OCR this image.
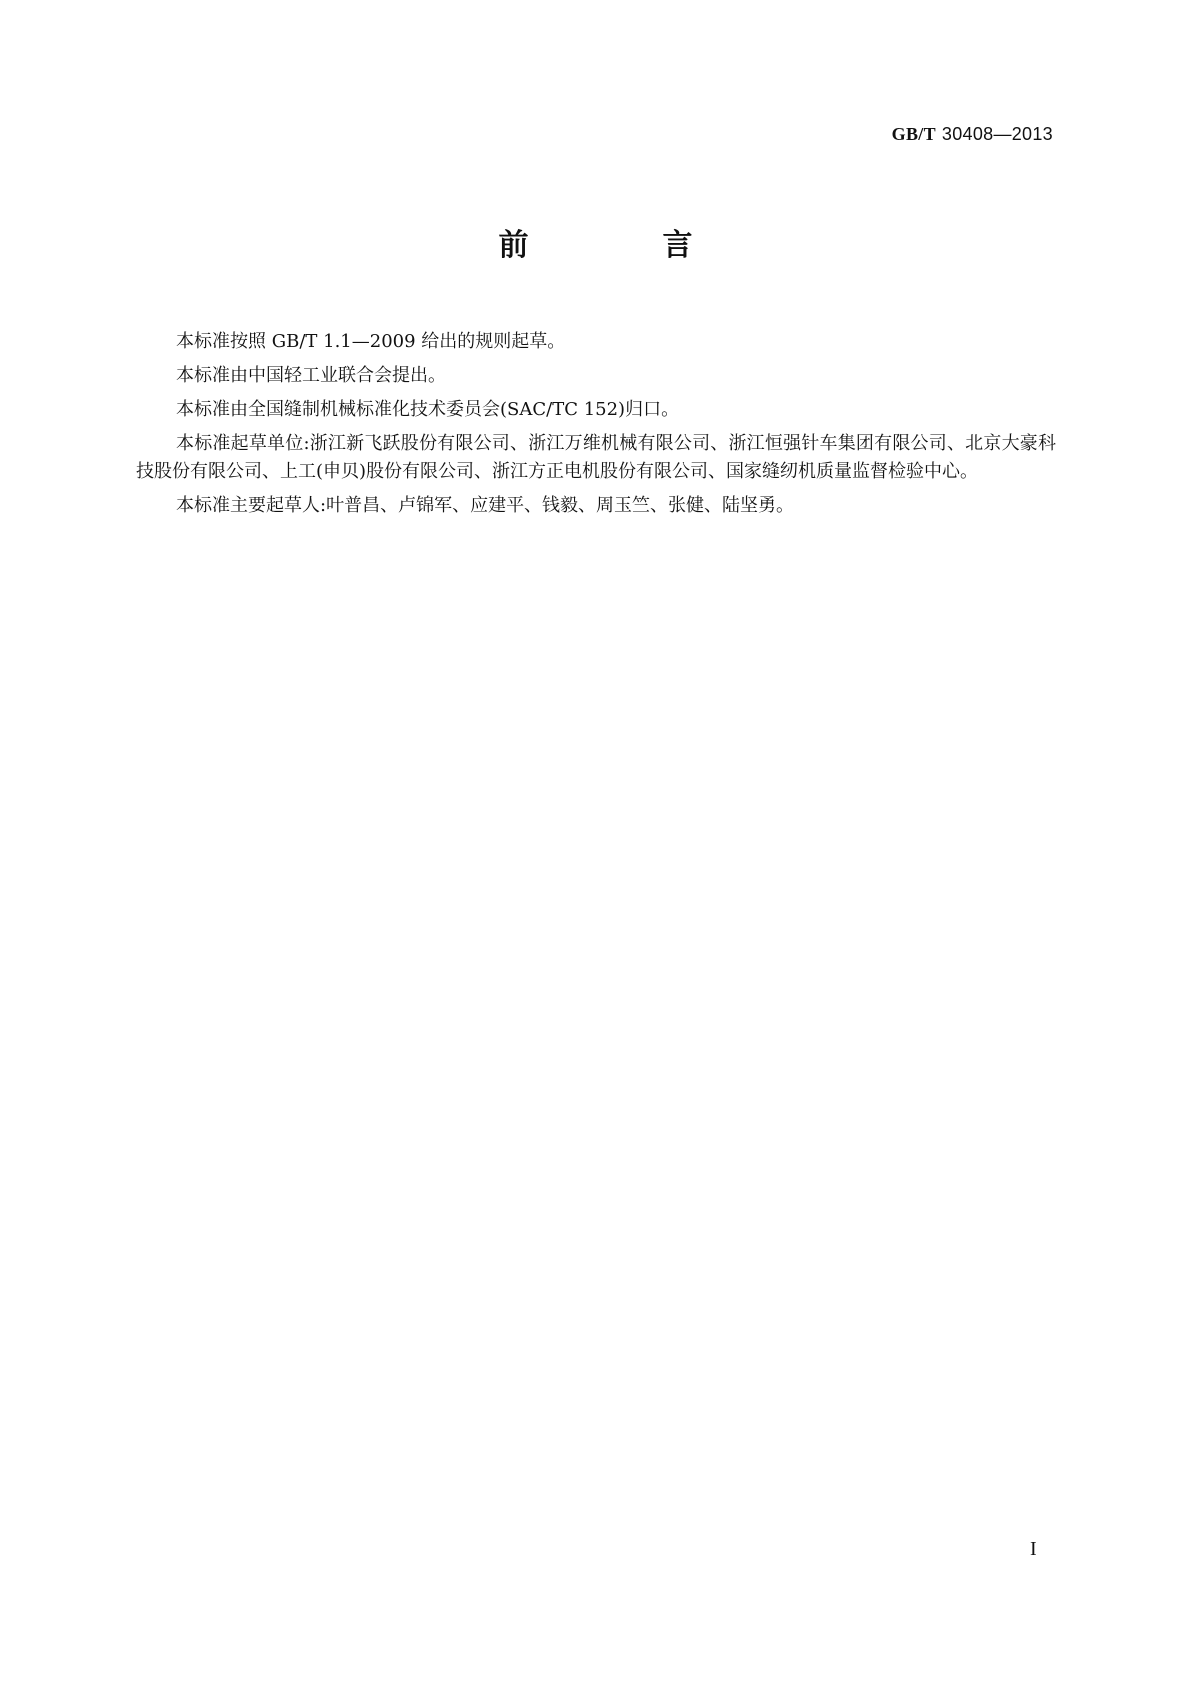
GB/T 30408—2013
前　言

本标准按照 GB/T 1.1—2009 给出的规则起草。

本标准由中国轻工业联合会提出。

本标准由全国缝制机械标准化技术委员会(SAC/TC 152)归口。

本标准起草单位:浙江新飞跃股份有限公司、浙江万维机械有限公司、浙江恒强针车集团有限公司、北京大豪科技股份有限公司、上工(申贝)股份有限公司、浙江方正电机股份有限公司、国家缝纫机质量监督检验中心。

本标准主要起草人:叶普昌、卢锦军、应建平、钱毅、周玉竺、张健、陆坚勇。

I
